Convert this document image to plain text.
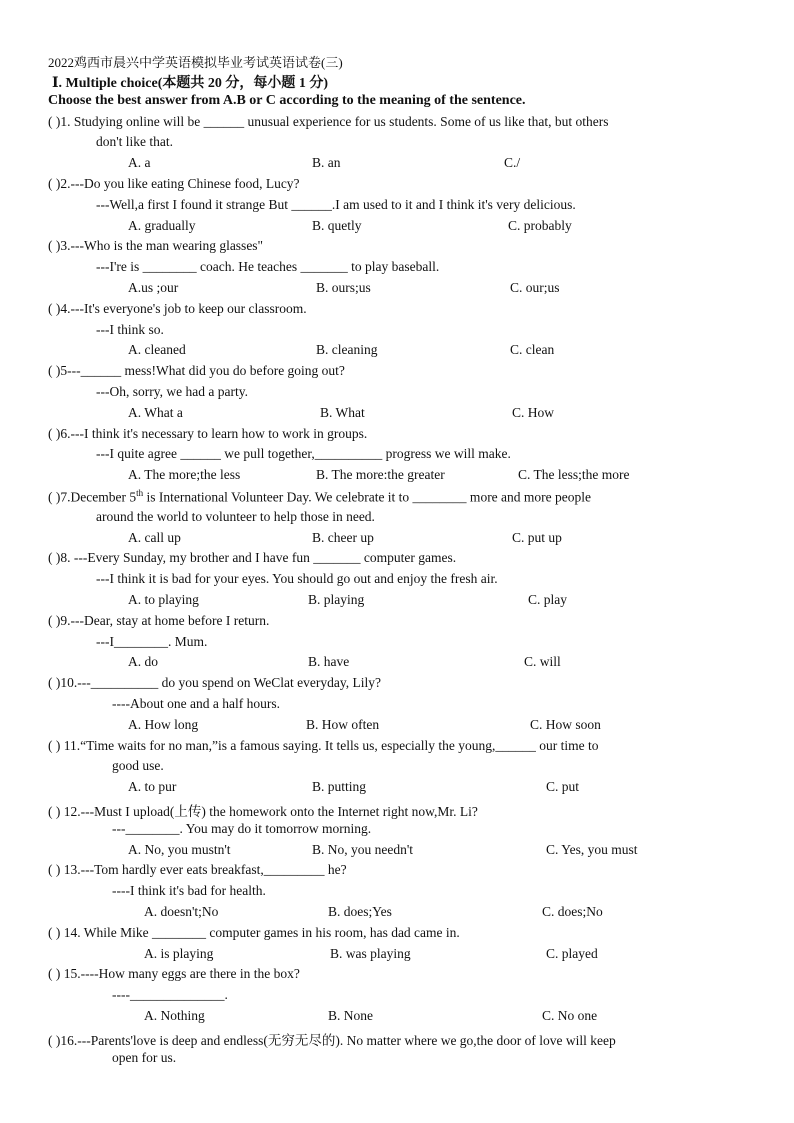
2022鸡西市晨兴中学英语模拟毕业考试英语试卷(三)
Ⅰ. Multiple choice(本题共 20 分，每小题 1 分)
Choose the best answer from A.B or C according to the meaning of the sentence.
( )1. Studying online will be ______ unusual experience for us students. Some of us like that, but others
don't like that.
A. a	B. an	C./
( )2.---Do you like eating Chinese food, Lucy?
---Well,a first I found it strange But ______.I am used to it and I think it's very delicious.
A. gradually	B. quetly	C. probably
( )3.---Who is the man wearing glasses"
---I're is ________ coach. He teaches _______ to play baseball.
A.us ;our	B. ours;us	C. our;us
( )4.---It's everyone's job to keep our classroom.
---I think so.
A. cleaned	B. cleaning	C. clean
( )5---______ mess!What did you do before going out?
---Oh, sorry, we had a party.
A. What a	B. What	C. How
( )6.---I think it's necessary to learn how to work in groups.
---I quite agree ______ we pull together,__________ progress we will make.
A. The more;the less	B. The more:the greater	C. The less;the more
( )7.December 5th is International Volunteer Day. We celebrate it to ________ more and more people
around the world to volunteer to help those in need.
A. call up	B. cheer up	C. put up
( )8. ---Every Sunday, my brother and I have fun _______ computer games.
---I think it is bad for your eyes. You should go out and enjoy the fresh air.
A. to playing	B. playing	C. play
( )9.---Dear, stay at home before I return.
---I________. Mum.
A. do	B. have	C. will
( )10.---__________ do you spend on WeClat everyday, Lily?
----About one and a half hours.
A. How long	B. How often	C. How soon
( ) 11.“Time waits for no man,”is a famous saying. It tells us, especially the young,______ our time to
good use.
A. to pur	B. putting	C. put
( ) 12.---Must I upload(上传) the homework onto the Internet right now,Mr. Li?
---________. You may do it tomorrow morning.
A. No, you mustn't	B. No, you needn't	C. Yes, you must
( ) 13.---Tom hardly ever eats breakfast,_________ he?
----I think it's bad for health.
A. doesn't;No	B. does;Yes	C. does;No
( ) 14. While Mike ________ computer games in his room, has dad came in.
A. is playing	B. was playing	C. played
( ) 15.----How many eggs are there in the box?
----______________.
A. Nothing	B. None	C. No one
( )16.---Parents'love is deep and endless(无穷无尽的). No matter where we go,the door of love will keep
open for us.
